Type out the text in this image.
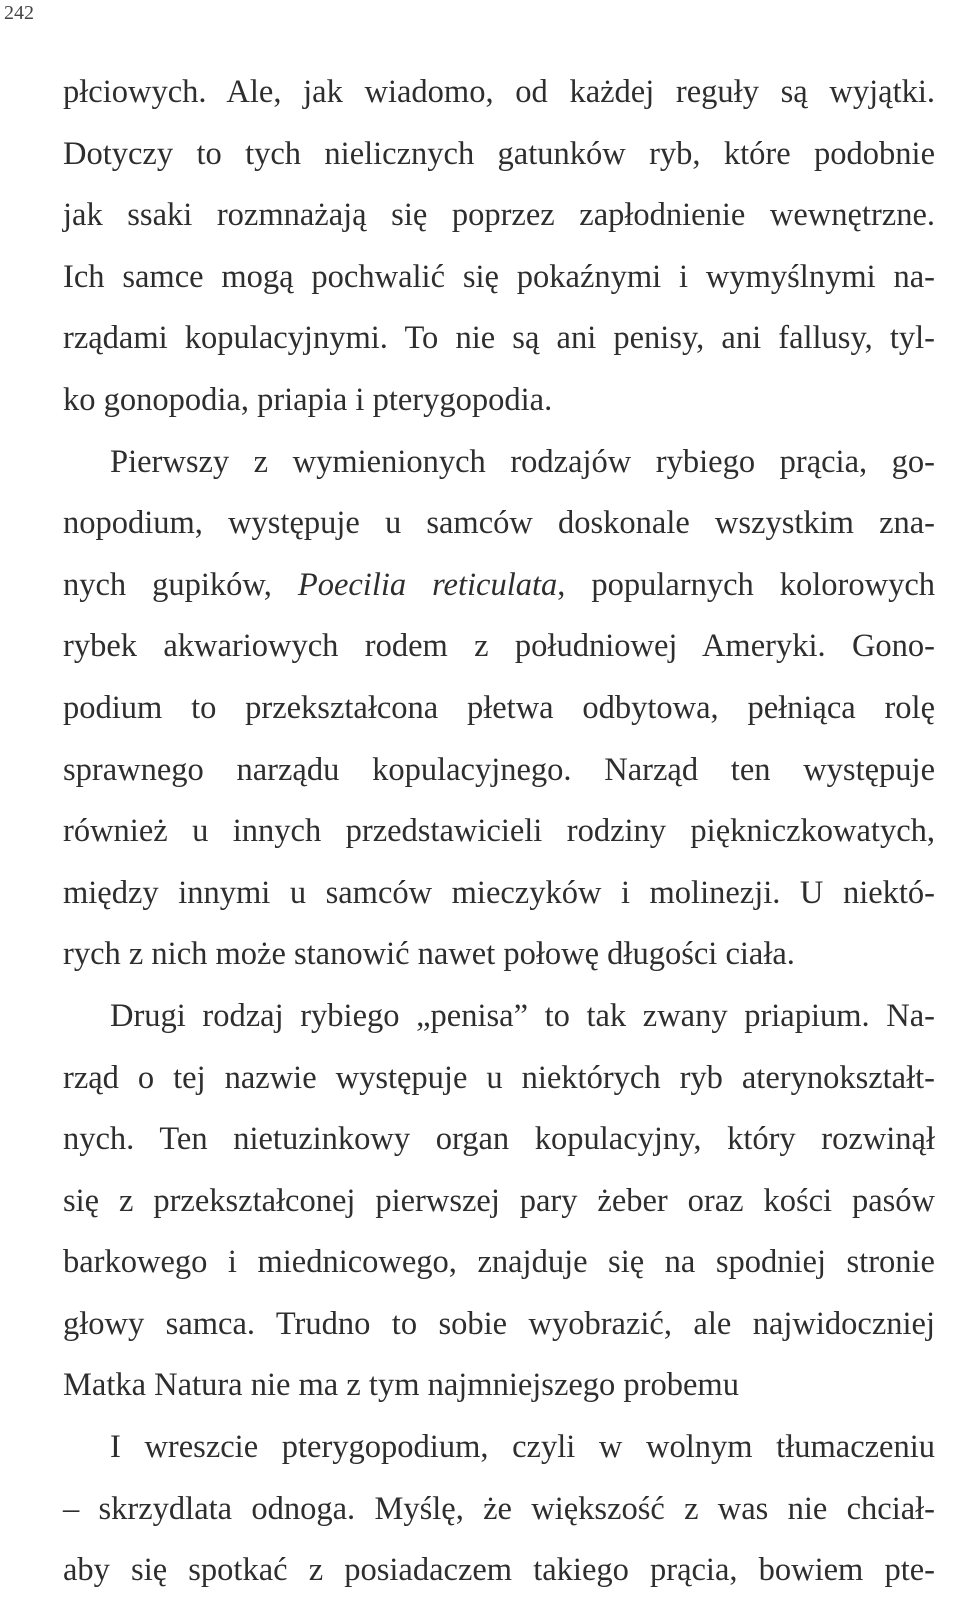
242
płciowych. Ale, jak wiadomo, od każdej reguły są wyjątki.
Dotyczy to tych nielicznych gatunków ryb, które podobnie
jak ssaki rozmnażają się poprzez zapłodnienie wewnętrzne.
Ich samce mogą pochwalić się pokaźnymi i wymyślnymi na-
rządami kopulacyjnymi. To nie są ani penisy, ani fallusy, tyl-
ko gonopodia, priapia i pterygopodia.
Pierwszy z wymienionych rodzajów rybiego prącia, go-
nopodium, występuje u samców doskonale wszystkim zna-
nych gupików, Poecilia reticulata, popularnych kolorowych
rybek akwariowych rodem z południowej Ameryki. Gono-
podium to przekształcona płetwa odbytowa, pełniąca rolę
sprawnego narządu kopulacyjnego. Narząd ten występuje
również u innych przedstawicieli rodziny piękniczkowatych,
między innymi u samców mieczyków i molinezji. U niektó-
rych z nich może stanowić nawet połowę długości ciała.
Drugi rodzaj rybiego „penisa” to tak zwany priapium. Na-
rząd o tej nazwie występuje u niektórych ryb aterynokształt-
nych. Ten nietuzinkowy organ kopulacyjny, który rozwinął
się z przekształconej pierwszej pary żeber oraz kości pasów
barkowego i miednicowego, znajduje się na spodniej stronie
głowy samca. Trudno to sobie wyobrazić, ale najwidoczniej
Matka Natura nie ma z tym najmniejszego probemu
I wreszcie pterygopodium, czyli w wolnym tłumaczeniu
– skrzydlata odnoga. Myślę, że większość z was nie chciał-
aby się spotkać z posiadaczem takiego prącia, bowiem pte-
